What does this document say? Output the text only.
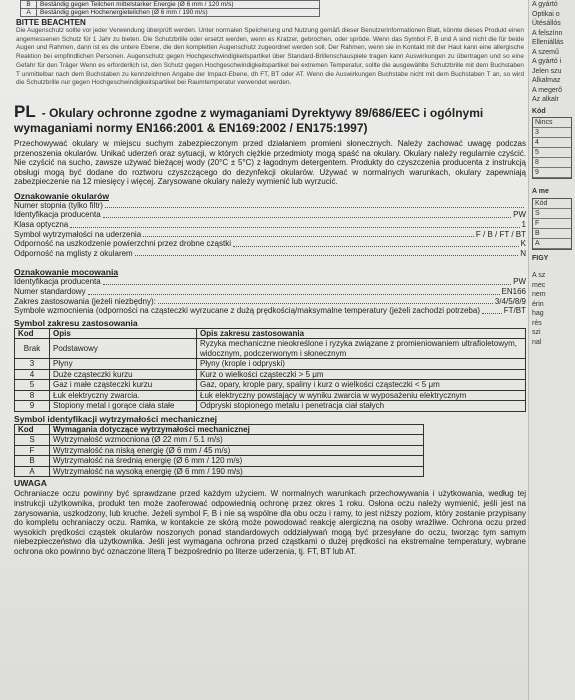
B	Beständig gegen Teilchen mittelstarker Energie (Ø 6 mm / 120 m/s)
A	Beständig gegen Hochenergieteilchen (Ø 6 mm / 190 m/s)
BITTE BEACHTEN
Die Augenschutz sollte vor jeder Verwendung überprüft werden. Unter normalen Speicherung und Nutzung gemäß dieser Benutzerinformationen Blatt, könnte dieses Produkt einen angemessenen Schutz für 1 Jahr zu bieten. Die Schutzbrille oder ersetzt werden, wenn es Kratzer, gebrochen, oder spröde. Wenn das Symbol F, B und A sind nicht die für beide Augen und Rahmen, dann ist es die untere Ebene, die den kompletten Augenschutz zugeordnet werden soll. Der Rahmen, wenn sie in Kontakt mit der Haut kann eine allergische Reaktion bei empfindlichen Personen. Augenschutz gegen Hochgeschwindigkeitspartikel über Standard-Brillenschauspiele tragen kann Auswirkungen zu übertragen und so eine Gefahr für den Träger Wenn es erforderlich ist, den Schutz gegen Hochgeschwindigkeitspartikel bei extremen Temperatur, sollte die ausgewählte Schutzbrille mit dem Buchstaben T unmittelbar nach dem Buchstaben zu kennzeichnen Angabe der Impact-Ebene, dh FT, BT oder AT. Wenn die Auswirkungen Buchstabe nicht mit dem Buchstaben T an, so wird die Schutzbrille nur gegen Hochgeschwindigkeitspartikel bei Raumtemperatur verwendet werden.
PL - Okulary ochronne zgodne z wymaganiami Dyrektywy 89/686/EEC i ogólnymi wymaganiami normy EN166:2001 & EN169:2002 / EN175:1997)
Przechowywać okulary w miejscu suchym zabezpieczonym przed działaniem promieni słonecznych. Należy zachować uwagę podczas przenoszenia okularów. Unikać uderzeń oraz sytuacji, w których ciężkie przedmioty mogą spaść na okulary. Okulary należy regularnie czyścić. Nie czyścić na sucho, zawsze używać bieżącej wody (20°C ± 5°C) z łagodnym detergentem. Produkty do czyszczenia producenta z instrukcją obsługi mogą być dodane do roztworu czyszczącego do dezynfekcji okularów. Używać w normalnych warunkach, okulary zapewniają zabezpieczenie na 12 miesięcy i więcej. Zarysowane okulary należy wymienić lub wyrzucić.
Oznakowanie okularów
Numer stopnia (tylko filtr)
Identyfikacja producenta	PW
Klasa optyczna	1
Symbol wytrzymałości na uderzenia	F / B / FT / BT
Odporność na uszkodzenie powierzchni przez drobne cząstki	K
Odporność na mglisty z okularem	N
Oznakowanie mocowania
Identyfikacja producenta	PW
Numer standardowy	EN166
Zakres zastosowania (jeżeli niezbędny):	3/4/5/8/9
Symbole wzmocnienia (odporności na cząsteczki wyrzucane z dużą prędkością/maksymalne temperatury (jeżeli zachodzi potrzeba)	FT/BT
Symbol zakresu zastosowania
Kod	Opis	Opis zakresu zastosowania
Brak	Podstawowy	Ryzyka mechaniczne nieokreślone i ryzyka związane z promieniowaniem ultrafioletowym, widocznym, podczerwonym i słonecznym
3	Płyny	Płyny (krople i odpryski)
4	Duże cząsteczki kurzu	Kurz o wielkości cząsteczki > 5 μm
5	Gaz i małe cząsteczki kurzu	Gaz, opary, krople pary, spaliny i kurz o wielkości cząsteczki < 5 μm
8	Łuk elektryczny zwarcia.	Łuk elektryczny powstający w wyniku zwarcia w wyposażeniu elektrycznym
9	Stopiony metal i gorące ciała stałe	Odpryski stopionego metalu i penetracja ciał stałych
Symbol identyfikacji wytrzymałości mechanicznej
Kod	Wymagania dotyczące wytrzymałości mechanicznej
S	Wytrzymałość wzmocniona (Ø 22 mm / 5.1 m/s)
F	Wytrzymałość na niską energię (Ø 6 mm / 45 m/s)
B	Wytrzymałość na średnią energię (Ø 6 mm / 120 m/s)
A	Wytrzymałość na wysoką energię (Ø 6 mm / 190 m/s)
UWAGA
Ochraniacze oczu powinny być sprawdzane przed każdym użyciem. W normalnych warunkach przechowywania i użytkowania, według tej instrukcji użytkownika, produkt ten może zaoferować odpowiednią ochronę przez okres 1 roku. Osłona oczu należy wymienić, jeśli jest na zarysowania, uszkodzony, lub kruche. Jeżeli symbol F, B i nie są wspólne dla obu oczu i ramy, to jest niższy poziom, który zostanie przypisany do kompletu ochraniaczy oczu. Ramka, w kontakcie ze skórą może powodować reakcję alergiczną na osoby wrażliwe. Ochrona oczu przed wysokich prędkości cząstek okularów noszonych ponad standardowych oddziaływań mogą być przesyłane do oczu, tworząc tym samym niebezpieczeństwo dla użytkownika. Jeśli jest wymagana ochrona przed cząstkami o dużej prędkości na ekstremalne temperatury, wybrane ochrona oko powinno być oznaczone literą T bezpośrednio po literze uderzenia, tj. FT, BT lub AT.
A gyártó
Optikai o
Ütésállós
A felszínn
Elleniállás
A szemű
A gyártó i
Jelen szu
Alkalmaz
A megerő
Az alkalr
Kód
Nincs
3
4
5
8
9
A me
Kód
S
F
B
A
FIGY
A sz
mec
nem
érin
hag
rés
szi
nal
